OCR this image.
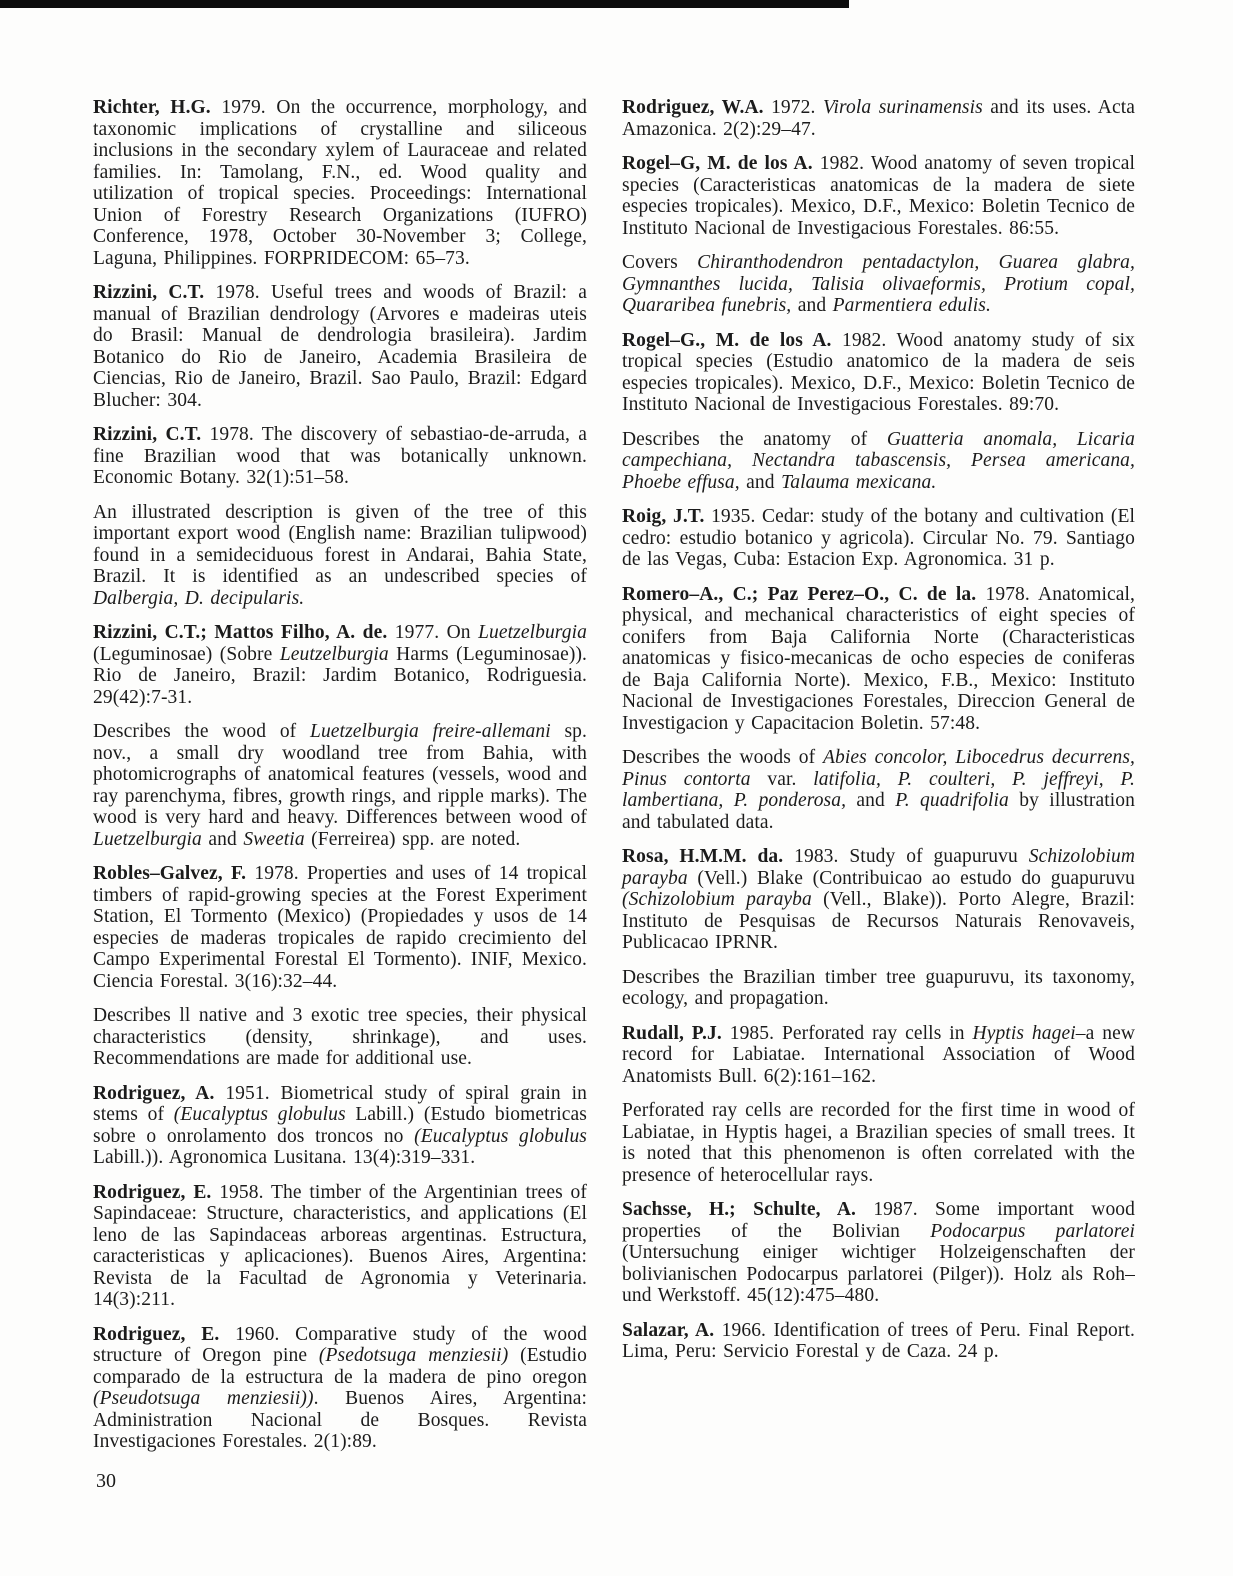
Richter, H.G. 1979. On the occurrence, morphology, and taxonomic implications of crystalline and siliceous inclusions in the secondary xylem of Lauraceae and related families. In: Tamolang, F.N., ed. Wood quality and utilization of tropical species. Proceedings: International Union of Forestry Research Organizations (IUFRO) Conference, 1978, October 30-November 3; College, Laguna, Philippines. FORPRIDECOM: 65–73.

Rizzini, C.T. 1978. Useful trees and woods of Brazil: a manual of Brazilian dendrology (Arvores e madeiras uteis do Brasil: Manual de dendrologia brasileira). Jardim Botanico do Rio de Janeiro, Academia Brasileira de Ciencias, Rio de Janeiro, Brazil. Sao Paulo, Brazil: Edgard Blucher: 304.

Rizzini, C.T. 1978. The discovery of sebastiao-de-arruda, a fine Brazilian wood that was botanically unknown. Economic Botany. 32(1):51–58.

An illustrated description is given of the tree of this important export wood (English name: Brazilian tulipwood) found in a semideciduous forest in Andarai, Bahia State, Brazil. It is identified as an undescribed species of Dalbergia, D. decipularis.

Rizzini, C.T.; Mattos Filho, A. de. 1977. On Luetzelburgia (Leguminosae) (Sobre Leutzelburgia Harms (Leguminosae)). Rio de Janeiro, Brazil: Jardim Botanico, Rodriguesia. 29(42):7-31.

Describes the wood of Luetzelburgia freire-allemani sp. nov., a small dry woodland tree from Bahia, with photomicrographs of anatomical features (vessels, wood and ray parenchyma, fibres, growth rings, and ripple marks). The wood is very hard and heavy. Differences between wood of Luetzelburgia and Sweetia (Ferreirea) spp. are noted.

Robles–Galvez, F. 1978. Properties and uses of 14 tropical timbers of rapid-growing species at the Forest Experiment Station, El Tormento (Mexico) (Propiedades y usos de 14 especies de maderas tropicales de rapido crecimiento del Campo Experimental Forestal El Tormento). INIF, Mexico. Ciencia Forestal. 3(16):32–44.

Describes ll native and 3 exotic tree species, their physical characteristics (density, shrinkage), and uses. Recommendations are made for additional use.

Rodriguez, A. 1951. Biometrical study of spiral grain in stems of (Eucalyptus globulus Labill.) (Estudo biometricas sobre o onrolamento dos troncos no (Eucalyptus globulus Labill.)). Agronomica Lusitana. 13(4):319–331.

Rodriguez, E. 1958. The timber of the Argentinian trees of Sapindaceae: Structure, characteristics, and applications (El leno de las Sapindaceas arboreas argentinas. Estructura, caracteristicas y aplicaciones). Buenos Aires, Argentina: Revista de la Facultad de Agronomia y Veterinaria. 14(3):211.

Rodriguez, E. 1960. Comparative study of the wood structure of Oregon pine (Psedotsuga menziesii) (Estudio comparado de la estructura de la madera de pino oregon (Pseudotsuga menziesii)). Buenos Aires, Argentina: Administration Nacional de Bosques. Revista Investigaciones Forestales. 2(1):89.

Rodriguez, W.A. 1972. Virola surinamensis and its uses. Acta Amazonica. 2(2):29–47.

Rogel–G, M. de los A. 1982. Wood anatomy of seven tropical species (Caracteristicas anatomicas de la madera de siete especies tropicales). Mexico, D.F., Mexico: Boletin Tecnico de Instituto Nacional de Investigacious Forestales. 86:55.

Covers Chiranthodendron pentadactylon, Guarea glabra, Gymnanthes lucida, Talisia olivaeformis, Protium copal, Quararibea funebris, and Parmentiera edulis.

Rogel–G., M. de los A. 1982. Wood anatomy study of six tropical species (Estudio anatomico de la madera de seis especies tropicales). Mexico, D.F., Mexico: Boletin Tecnico de Instituto Nacional de Investigacious Forestales. 89:70.

Describes the anatomy of Guatteria anomala, Licaria campechiana, Nectandra tabascensis, Persea americana, Phoebe effusa, and Talauma mexicana.

Roig, J.T. 1935. Cedar: study of the botany and cultivation (El cedro: estudio botanico y agricola). Circular No. 79. Santiago de las Vegas, Cuba: Estacion Exp. Agronomica. 31 p.

Romero–A., C.; Paz Perez–O., C. de la. 1978. Anatomical, physical, and mechanical characteristics of eight species of conifers from Baja California Norte (Characteristicas anatomicas y fisico-mecanicas de ocho especies de coniferas de Baja California Norte). Mexico, F.B., Mexico: Instituto Nacional de Investigaciones Forestales, Direccion General de Investigacion y Capacitacion Boletin. 57:48.

Describes the woods of Abies concolor, Libocedrus decurrens, Pinus contorta var. latifolia, P. coulteri, P. jeffreyi, P. lambertiana, P. ponderosa, and P. quadrifolia by illustration and tabulated data.

Rosa, H.M.M. da. 1983. Study of guapuruvu Schizolobium parayba (Vell.) Blake (Contribuicao ao estudo do guapuruvu (Schizolobium parayba (Vell., Blake)). Porto Alegre, Brazil: Instituto de Pesquisas de Recursos Naturais Renovaveis, Publicacao IPRNR.

Describes the Brazilian timber tree guapuruvu, its taxonomy, ecology, and propagation.

Rudall, P.J. 1985. Perforated ray cells in Hyptis hagei–a new record for Labiatae. International Association of Wood Anatomists Bull. 6(2):161–162.

Perforated ray cells are recorded for the first time in wood of Labiatae, in Hyptis hagei, a Brazilian species of small trees. It is noted that this phenomenon is often correlated with the presence of heterocellular rays.

Sachsse, H.; Schulte, A. 1987. Some important wood properties of the Bolivian Podocarpus parlatorei (Untersuchung einiger wichtiger Holzeigenschaften der bolivianischen Podocarpus parlatorei (Pilger)). Holz als Roh– und Werkstoff. 45(12):475–480.

Salazar, A. 1966. Identification of trees of Peru. Final Report. Lima, Peru: Servicio Forestal y de Caza. 24 p.

30
